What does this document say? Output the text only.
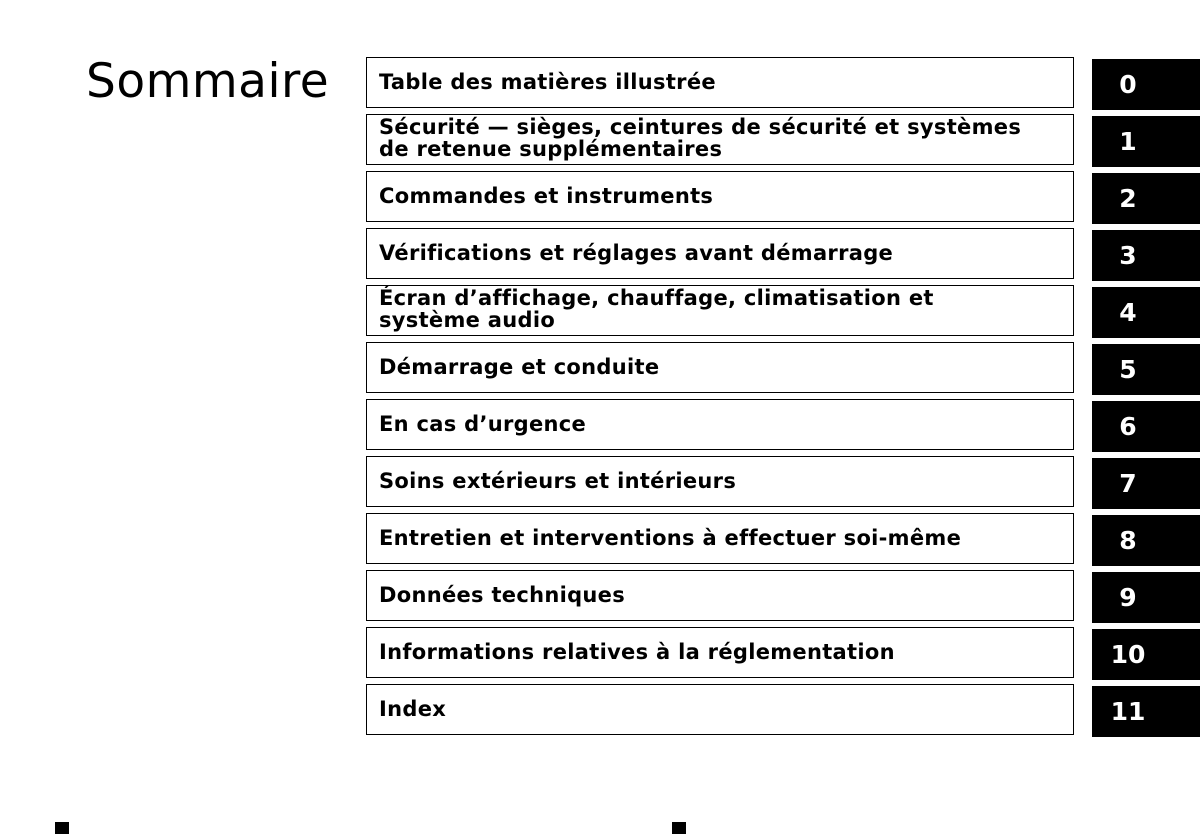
Sommaire Table des matières illustrée	0
Sécurité — sièges, ceintures de sécurité et systèmes
de retenue supplémentaires	1
Commandes et instruments	2
Vérifications et réglages avant démarrage	3
Écran d’affichage, chauffage, climatisation et
système audio	4
Démarrage et conduite	5
En cas d’urgence	6
Soins extérieurs et intérieurs	7
Entretien et interventions à effectuer soi-même	8
Données techniques	9
Informations relatives à la réglementation	10
Index	11
